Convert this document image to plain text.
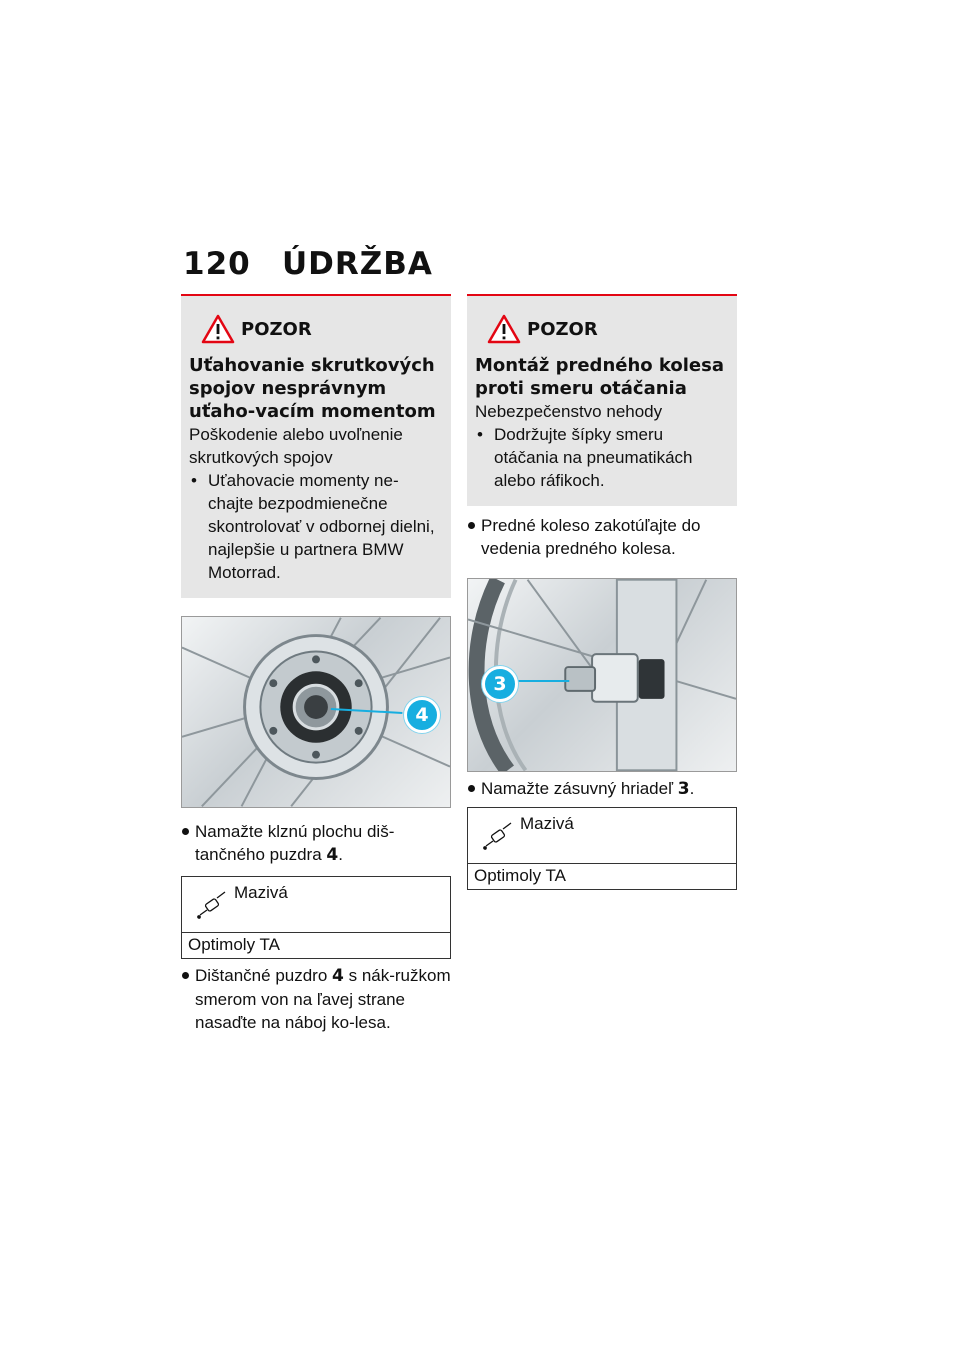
120 ÚDRŽBA
POZOR
Uťahovanie skrutkových spojov nesprávnym uťaho-vacím momentom
Poškodenie alebo uvoľnenie skrutkových spojov
• Uťahovacie momenty ne-chajte bezpodmienečne skontrolovať v odbornej dielni, najlepšie u partnera BMW Motorrad.
4
Namažte klznú plochu diš-tančného puzdra 4.
Mazivá
Optimoly TA
Dištančné puzdro 4 s nák-ružkom smerom von na ľavej strane nasaďte na náboj ko-lesa.
POZOR
Montáž predného kolesa proti smeru otáčania
Nebezpečenstvo nehody
• Dodržujte šípky smeru otáčania na pneumatikách alebo ráfikoch.
Predné koleso zakotúľajte do vedenia predného kolesa.
3
Namažte zásuvný hriadeľ 3.
Mazivá
Optimoly TA
